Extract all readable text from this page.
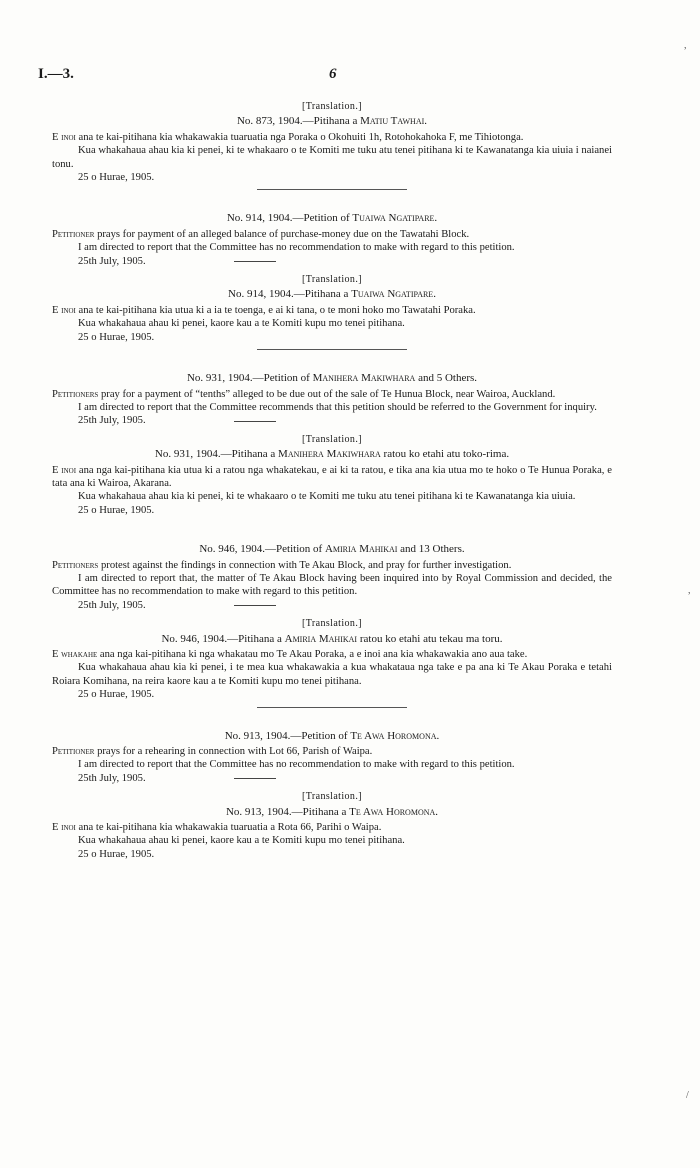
I.—3.	6

[Translation.]

No. 873, 1904.—Pitihana a Matiu Tawhai.

E inoi ana te kai-pitihana kia whakawakia tuaruatia nga Poraka o Okohuiti 1h, Rotohokahoka F, me Tihiotonga.

Kua whakahaua ahau kia ki penei, ki te whakaaro o te Komiti me tuku atu tenei pitihana ki te Kawanatanga kia uiuia i naianei tonu.

25 o Hurae, 1905.

No. 914, 1904.—Petition of Tuaiwa Ngatipare.

Petitioner prays for payment of an alleged balance of purchase-money due on the Tawatahi Block.

I am directed to report that the Committee has no recommendation to make with regard to this petition.

25th July, 1905.

[Translation.]

No. 914, 1904.—Pitihana a Tuaiwa Ngatipare.

E inoi ana te kai-pitihana kia utua ki a ia te toenga, e ai ki tana, o te moni hoko mo Tawatahi Poraka.

Kua whakahaua ahau ki penei, kaore kau a te Komiti kupu mo tenei pitihana.

25 o Hurae, 1905.

No. 931, 1904.—Petition of Manihera Makiwhara and 5 Others.

Petitioners pray for a payment of “tenths” alleged to be due out of the sale of Te Hunua Block, near Wairoa, Auckland.

I am directed to report that the Committee recommends that this petition should be referred to the Government for inquiry.

25th July, 1905.

[Translation.]

No. 931, 1904.—Pitihana a Manihera Makiwhara ratou ko etahi atu toko-rima.

E inoi ana nga kai-pitihana kia utua ki a ratou nga whakatekau, e ai ki ta ratou, e tika ana kia utua mo te hoko o Te Hunua Poraka, e tata ana ki Wairoa, Akarana.

Kua whakahaua ahau kia ki penei, ki te whakaaro o te Komiti me tuku atu tenei pitihana ki te Kawanatanga kia uiuia.

25 o Hurae, 1905.

No. 946, 1904.—Petition of Amiria Mahikai and 13 Others.

Petitioners protest against the findings in connection with Te Akau Block, and pray for further investigation.

I am directed to report that, the matter of Te Akau Block having been inquired into by Royal Commission and decided, the Committee has no recommendation to make with regard to this petition.

25th July, 1905.

[Translation.]

No. 946, 1904.—Pitihana a Amiria Mahikai ratou ko etahi atu tekau ma toru.

E whakahe ana nga kai-pitihana ki nga whakatau mo Te Akau Poraka, a e inoi ana kia whakawakia ano aua take.

Kua whakahaua ahau kia ki penei, i te mea kua whakawakia a kua whakataua nga take e pa ana ki Te Akau Poraka e tetahi Roiara Komihana, na reira kaore kau a te Komiti kupu mo tenei pitihana.

25 o Hurae, 1905.

No. 913, 1904.—Petition of Te Awa Horomona.

Petitioner prays for a rehearing in connection with Lot 66, Parish of Waipa.

I am directed to report that the Committee has no recommendation to make with regard to this petition.

25th July, 1905.

[Translation.]

No. 913, 1904.—Pitihana a Te Awa Horomona.

E inoi ana te kai-pitihana kia whakawakia tuaruatia a Rota 66, Parihi o Waipa.

Kua whakahaua ahau ki penei, kaore kau a te Komiti kupu mo tenei pitihana.

25 o Hurae, 1905.

,
,
/
